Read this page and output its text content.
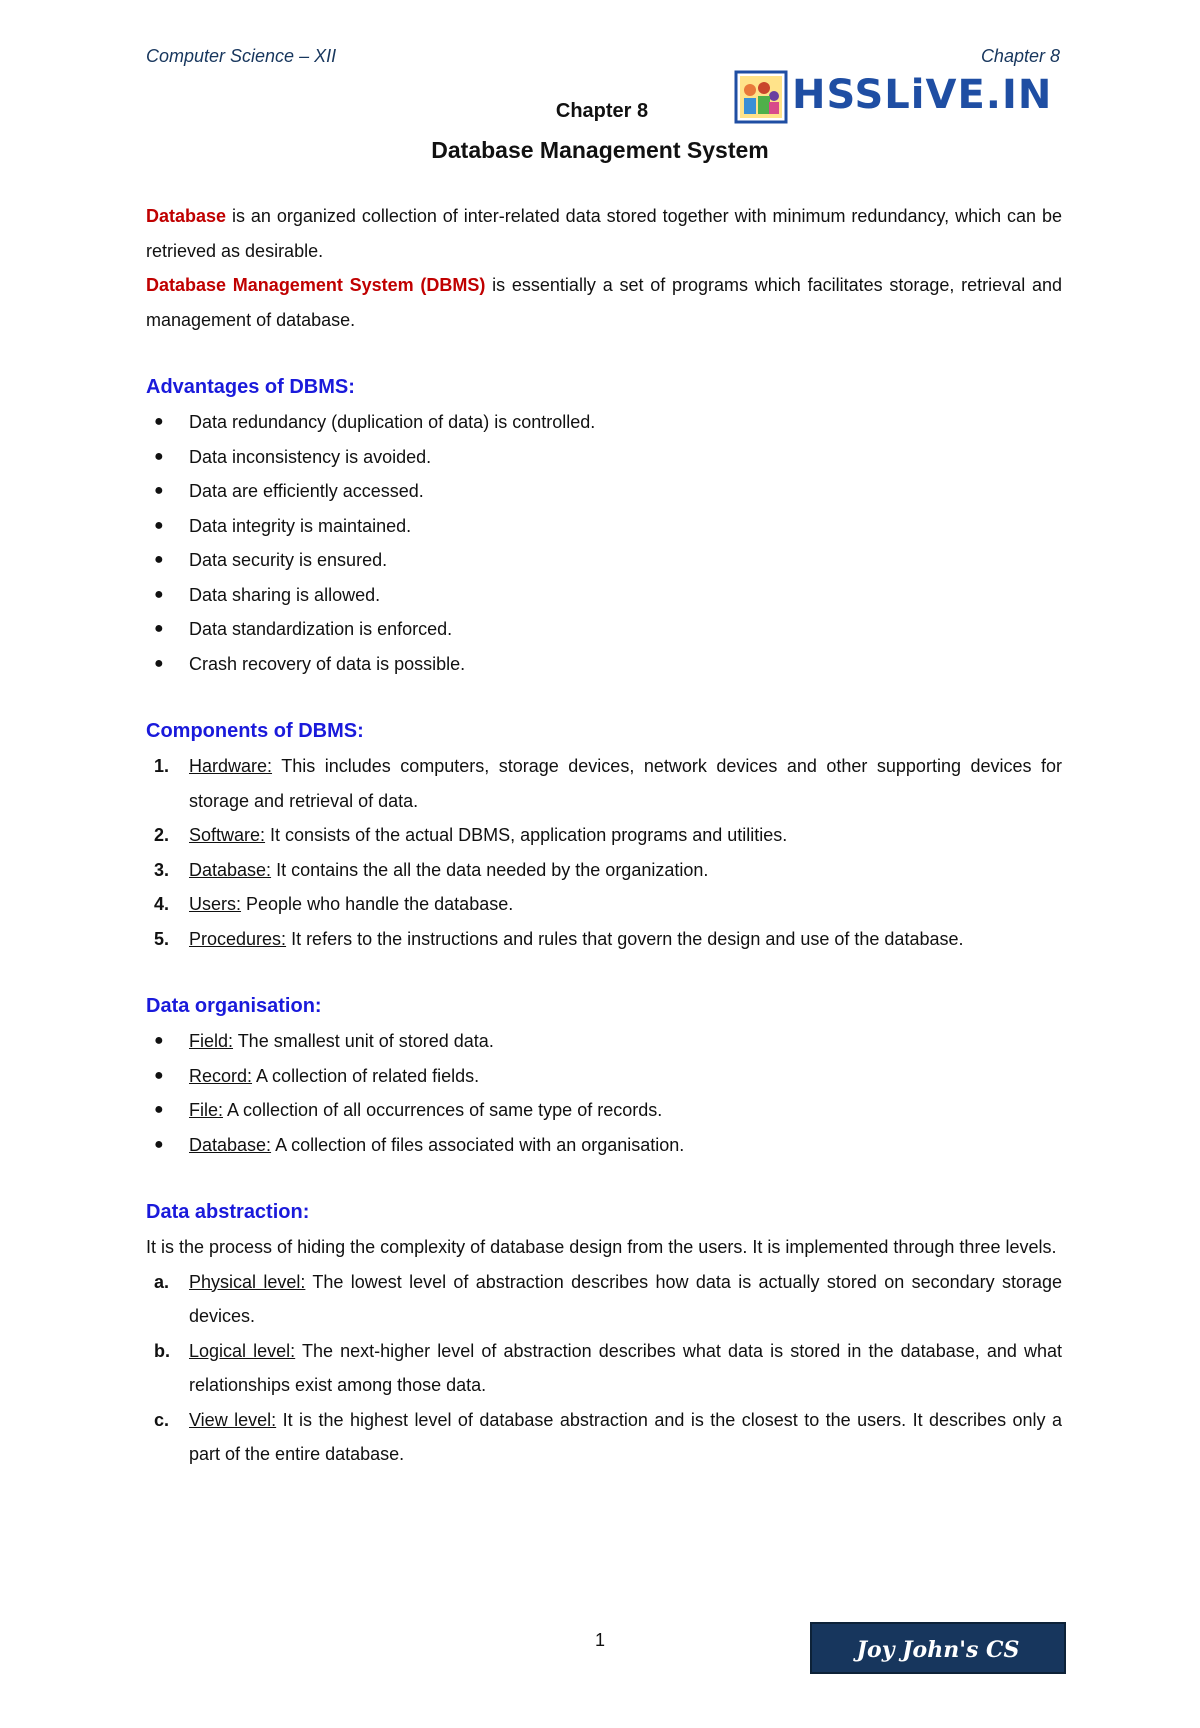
Computer Science – XII	Chapter 8
HSSLiVE.IN
Chapter 8
Database Management System

Database is an organized collection of inter-related data stored together with minimum redundancy, which can be retrieved as desirable.

Database Management System (DBMS) is essentially a set of programs which facilitates storage, retrieval and management of database.

Advantages of DBMS:
● Data redundancy (duplication of data) is controlled.
● Data inconsistency is avoided.
● Data are efficiently accessed.
● Data integrity is maintained.
● Data security is ensured.
● Data sharing is allowed.
● Data standardization is enforced.
● Crash recovery of data is possible.
Components of DBMS:
1. Hardware: This includes computers, storage devices, network devices and other supporting devices for storage and retrieval of data.
2. Software: It consists of the actual DBMS, application programs and utilities.
3. Database: It contains the all the data needed by the organization.
4. Users: People who handle the database.
5. Procedures: It refers to the instructions and rules that govern the design and use of the database.
Data organisation:
● Field: The smallest unit of stored data.
● Record: A collection of related fields.
● File: A collection of all occurrences of same type of records.
● Database: A collection of files associated with an organisation.
Data abstraction:

It is the process of hiding the complexity of database design from the users. It is implemented through three levels.

a. Physical level: The lowest level of abstraction describes how data is actually stored on secondary storage devices.
b. Logical level: The next-higher level of abstraction describes what data is stored in the database, and what relationships exist among those data.
c. View level: It is the highest level of database abstraction and is the closest to the users. It describes only a part of the entire database.
1	Joy John's CS capsules
